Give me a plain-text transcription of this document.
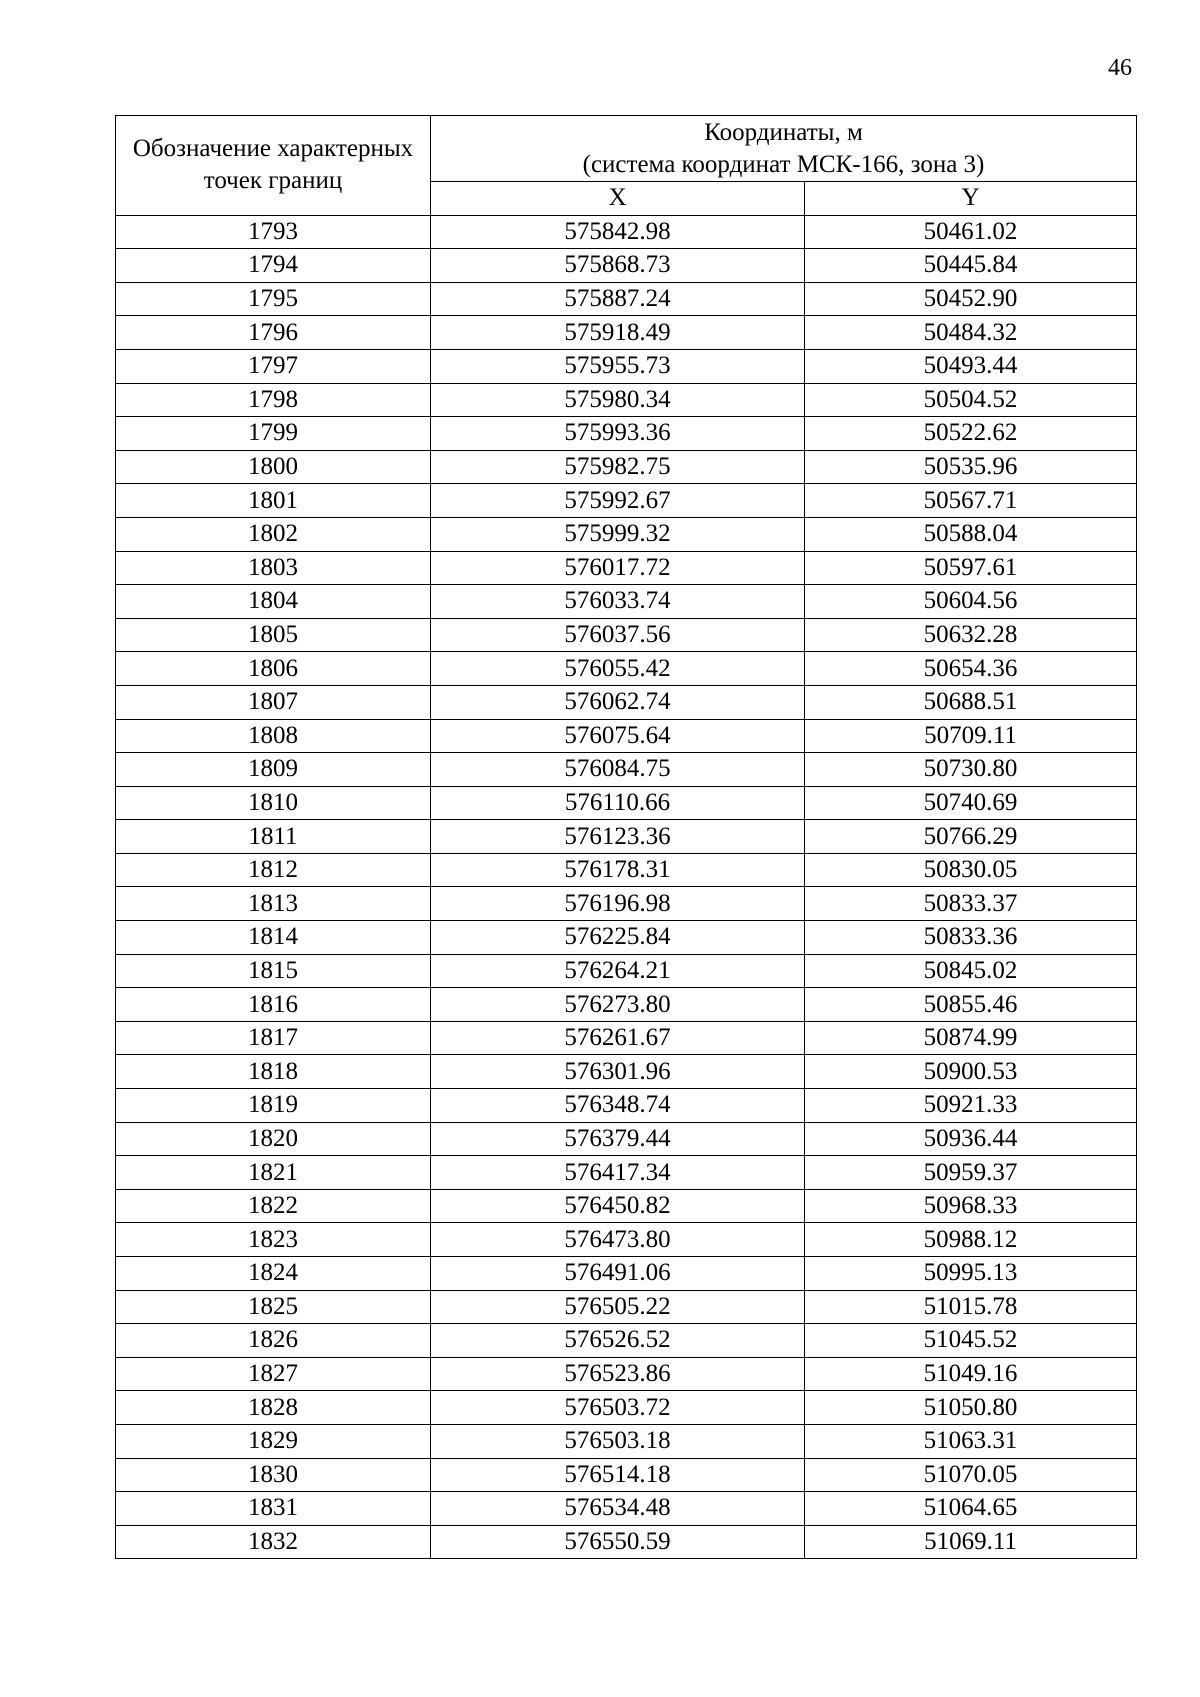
46
Обозначение характерных точек границ	Координаты, м
(система координат МСК-166, зона 3)	

	X	Y
1793	575842.98	50461.02
1794	575868.73	50445.84
1795	575887.24	50452.90
1796	575918.49	50484.32
1797	575955.73	50493.44
1798	575980.34	50504.52
1799	575993.36	50522.62
1800	575982.75	50535.96
1801	575992.67	50567.71
1802	575999.32	50588.04
1803	576017.72	50597.61
1804	576033.74	50604.56
1805	576037.56	50632.28
1806	576055.42	50654.36
1807	576062.74	50688.51
1808	576075.64	50709.11
1809	576084.75	50730.80
1810	576110.66	50740.69
1811	576123.36	50766.29
1812	576178.31	50830.05
1813	576196.98	50833.37
1814	576225.84	50833.36
1815	576264.21	50845.02
1816	576273.80	50855.46
1817	576261.67	50874.99
1818	576301.96	50900.53
1819	576348.74	50921.33
1820	576379.44	50936.44
1821	576417.34	50959.37
1822	576450.82	50968.33
1823	576473.80	50988.12
1824	576491.06	50995.13
1825	576505.22	51015.78
1826	576526.52	51045.52
1827	576523.86	51049.16
1828	576503.72	51050.80
1829	576503.18	51063.31
1830	576514.18	51070.05
1831	576534.48	51064.65
1832	576550.59	51069.11
